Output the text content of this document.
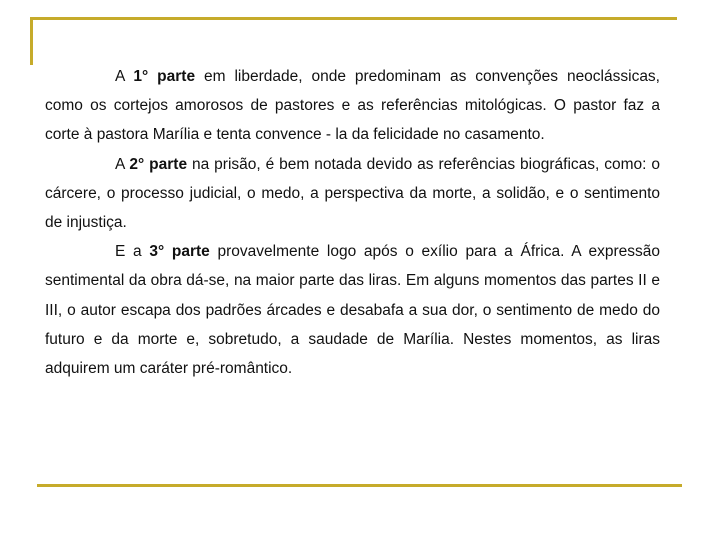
A 1° parte em liberdade, onde predominam as convenções neoclássicas, como os cortejos amorosos de pastores e as referências mitológicas. O pastor faz a corte à pastora Marília e tenta convence - la da felicidade no casamento.

A 2° parte na prisão, é bem notada devido as referências biográficas, como: o cárcere, o processo judicial, o medo, a perspectiva da morte, a solidão, e o sentimento de injustiça.

E a 3° parte provavelmente logo após o exílio para a África. A expressão sentimental da obra dá-se, na maior parte das liras. Em alguns momentos das partes II e III, o autor escapa dos padrões árcades e desabafa a sua dor, o sentimento de medo do futuro e da morte e, sobretudo, a saudade de Marília. Nestes momentos, as liras adquirem um caráter pré-romântico.
